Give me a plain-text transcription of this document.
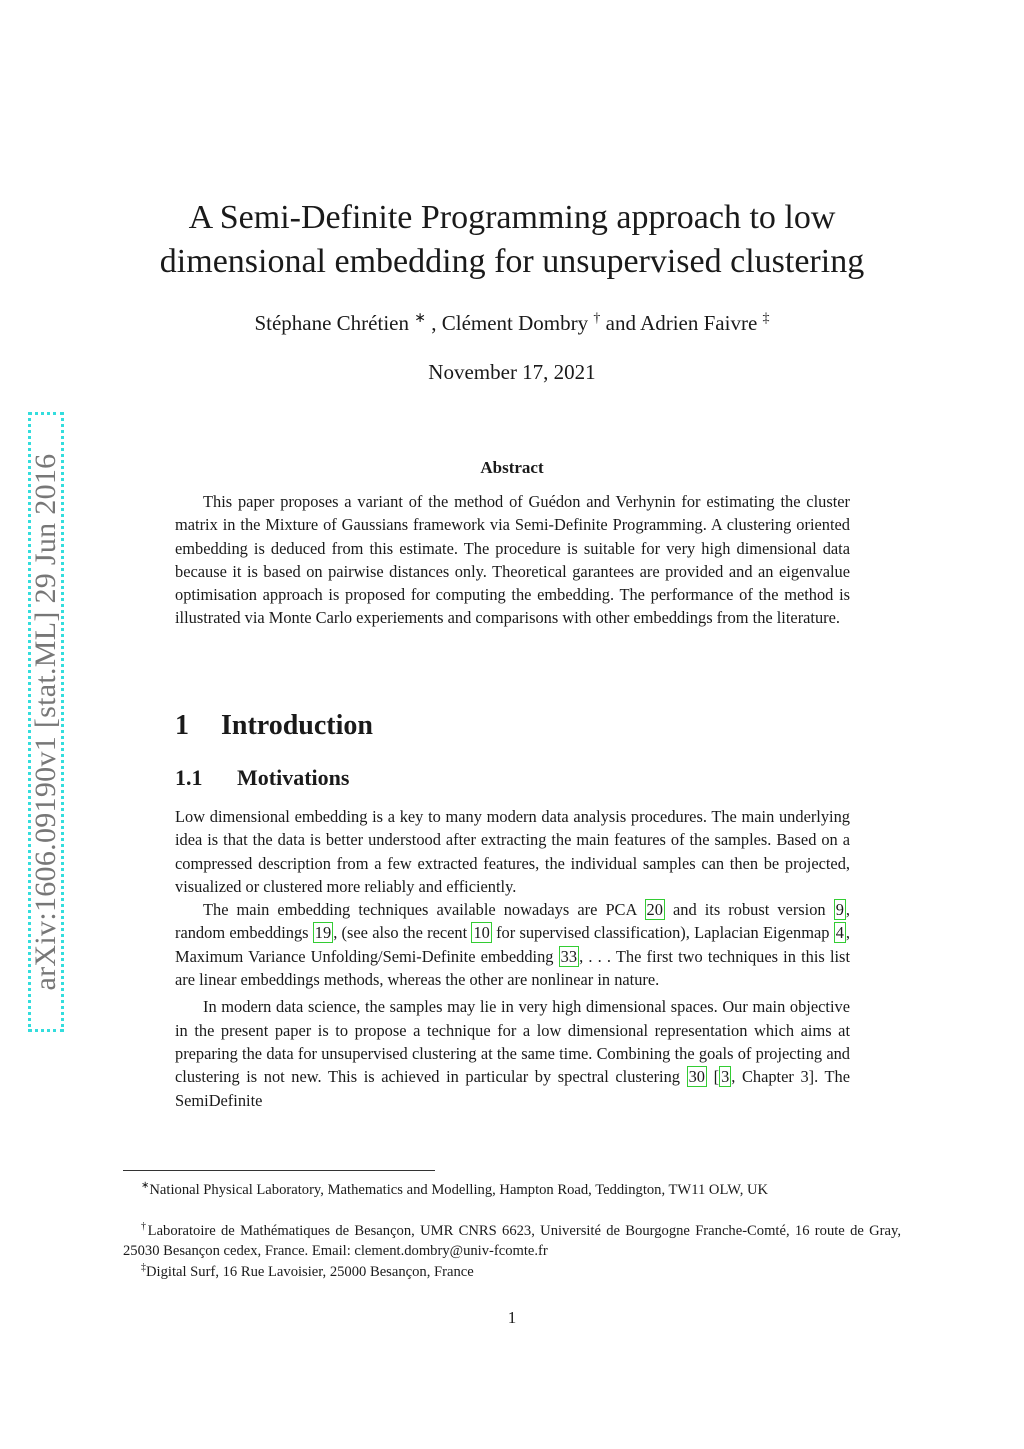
arXiv:1606.09190v1 [stat.ML] 29 Jun 2016
A Semi-Definite Programming approach to low
dimensional embedding for unsupervised clustering
Stéphane Chrétien ∗ , Clément Dombry † and Adrien Faivre ‡
November 17, 2021
Abstract
This paper proposes a variant of the method of Guédon and Verhynin for estimating the cluster matrix in the Mixture of Gaussians framework via Semi-Definite Programming. A clustering oriented embedding is deduced from this estimate. The procedure is suitable for very high dimensional data because it is based on pairwise distances only. Theoretical garantees are provided and an eigenvalue optimisation approach is proposed for computing the embedding. The performance of the method is illustrated via Monte Carlo experiements and comparisons with other embeddings from the literature.
1 Introduction
1.1 Motivations

Low dimensional embedding is a key to many modern data analysis procedures. The main underlying idea is that the data is better understood after extracting the main features of the samples. Based on a compressed description from a few extracted features, the individual samples can then be projected, visualized or clustered more reliably and efficiently.

The main embedding techniques available nowadays are PCA 20 and its robust version 9 , random embeddings 19 , (see also the recent 10 for supervised classification), Laplacian Eigenmap 4 , Maximum Variance Unfolding/Semi-Definite embedding 33 , . . . The first two techniques in this list are linear embeddings methods, whereas the other are nonlinear in nature.

In modern data science, the samples may lie in very high dimensional spaces. Our main objective in the present paper is to propose a technique for a low dimensional representation which aims at preparing the data for unsupervised clustering at the same time. Combining the goals of projecting and clustering is not new. This is achieved in particular by spectral clustering 30 [ 3 , Chapter 3]. The SemiDefinite

∗National Physical Laboratory, Mathematics and Modelling, Hampton Road, Teddington, TW11 OLW, UK
†Laboratoire de Mathématiques de Besançon, UMR CNRS 6623, Université de Bourgogne Franche-Comté, 16 route de Gray, 25030 Besançon cedex, France. Email: clement.dombry@univ-fcomte.fr
‡Digital Surf, 16 Rue Lavoisier, 25000 Besançon, France
1
